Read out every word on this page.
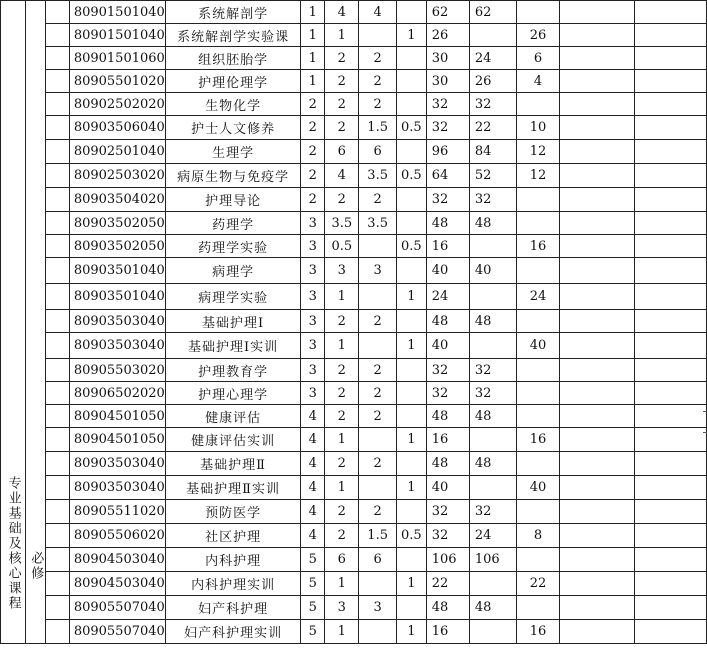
专业基础及核心课程	必修		80901501040	系统解剖学	1	4	4		62	62			
			80901501040	系统解剖学实验课	1	1		1	26		26		
			80901501060	组织胚胎学	1	2	2		30	24	6		
			80905501020	护理伦理学	1	2	2		30	26	4		
			80902502020	生物化学	2	2	2		32	32			
			80903506040	护士人文修养	2	2	1.5	0.5	32	22	10		
			80902501040	生理学	2	6	6		96	84	12		
			80902503020	病原生物与免疫学	2	4	3.5	0.5	64	52	12		
			80903504020	护理导论	2	2	2		32	32			
			80903502050	药理学	3	3.5	3.5		48	48			
			80903502050	药理学实验	3	0.5		0.5	16		16		
			80903501040	病理学	3	3	3		40	40			
			80903501040	病理学实验	3	1		1	24		24		
			80903503040	基础护理Ⅰ	3	2	2		48	48			
			80903503040	基础护理Ⅰ实训	3	1		1	40		40		
			80905503020	护理教育学	3	2	2		32	32			
			80906502020	护理心理学	3	2	2		32	32			
			80904501050	健康评估	4	2	2		48	48			
			80904501050	健康评估实训	4	1		1	16		16		
			80903503040	基础护理Ⅱ	4	2	2		48	48			
			80903503040	基础护理Ⅱ实训	4	1		1	40		40		
			80905511020	预防医学	4	2	2		32	32			
			80905506020	社区护理	4	2	1.5	0.5	32	24	8		
			80904503040	内科护理	5	6	6		106	106			
			80904503040	内科护理实训	5	1		1	22		22		
			80905507040	妇产科护理	5	3	3		48	48			
			80905507040	妇产科护理实训	5	1		1	16		16		
